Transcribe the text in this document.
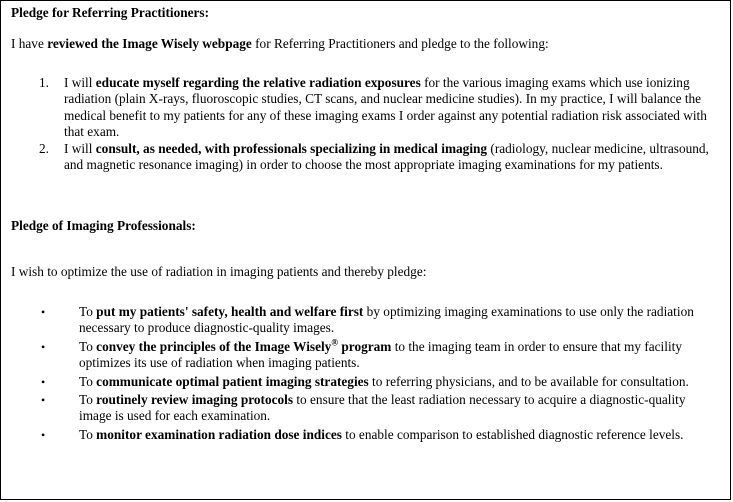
Pledge for Referring Practitioners:
I have reviewed the Image Wisely webpage for Referring Practitioners and pledge to the following:
1. I will educate myself regarding the relative radiation exposures for the various imaging exams which use ionizing radiation (plain X-rays, fluoroscopic studies, CT scans, and nuclear medicine studies). In my practice, I will balance the medical benefit to my patients for any of these imaging exams I order against any potential radiation risk associated with that exam.
2. I will consult, as needed, with professionals specializing in medical imaging (radiology, nuclear medicine, ultrasound, and magnetic resonance imaging) in order to choose the most appropriate imaging examinations for my patients.
Pledge of Imaging Professionals:
I wish to optimize the use of radiation in imaging patients and thereby pledge:
•	To put my patients' safety, health and welfare first by optimizing imaging examinations to use only the radiation necessary to produce diagnostic-quality images.
•	To convey the principles of the Image Wisely® program to the imaging team in order to ensure that my facility optimizes its use of radiation when imaging patients.
•	To communicate optimal patient imaging strategies to referring physicians, and to be available for consultation.
•	To routinely review imaging protocols to ensure that the least radiation necessary to acquire a diagnostic-quality image is used for each examination.
•	To monitor examination radiation dose indices to enable comparison to established diagnostic reference levels.
